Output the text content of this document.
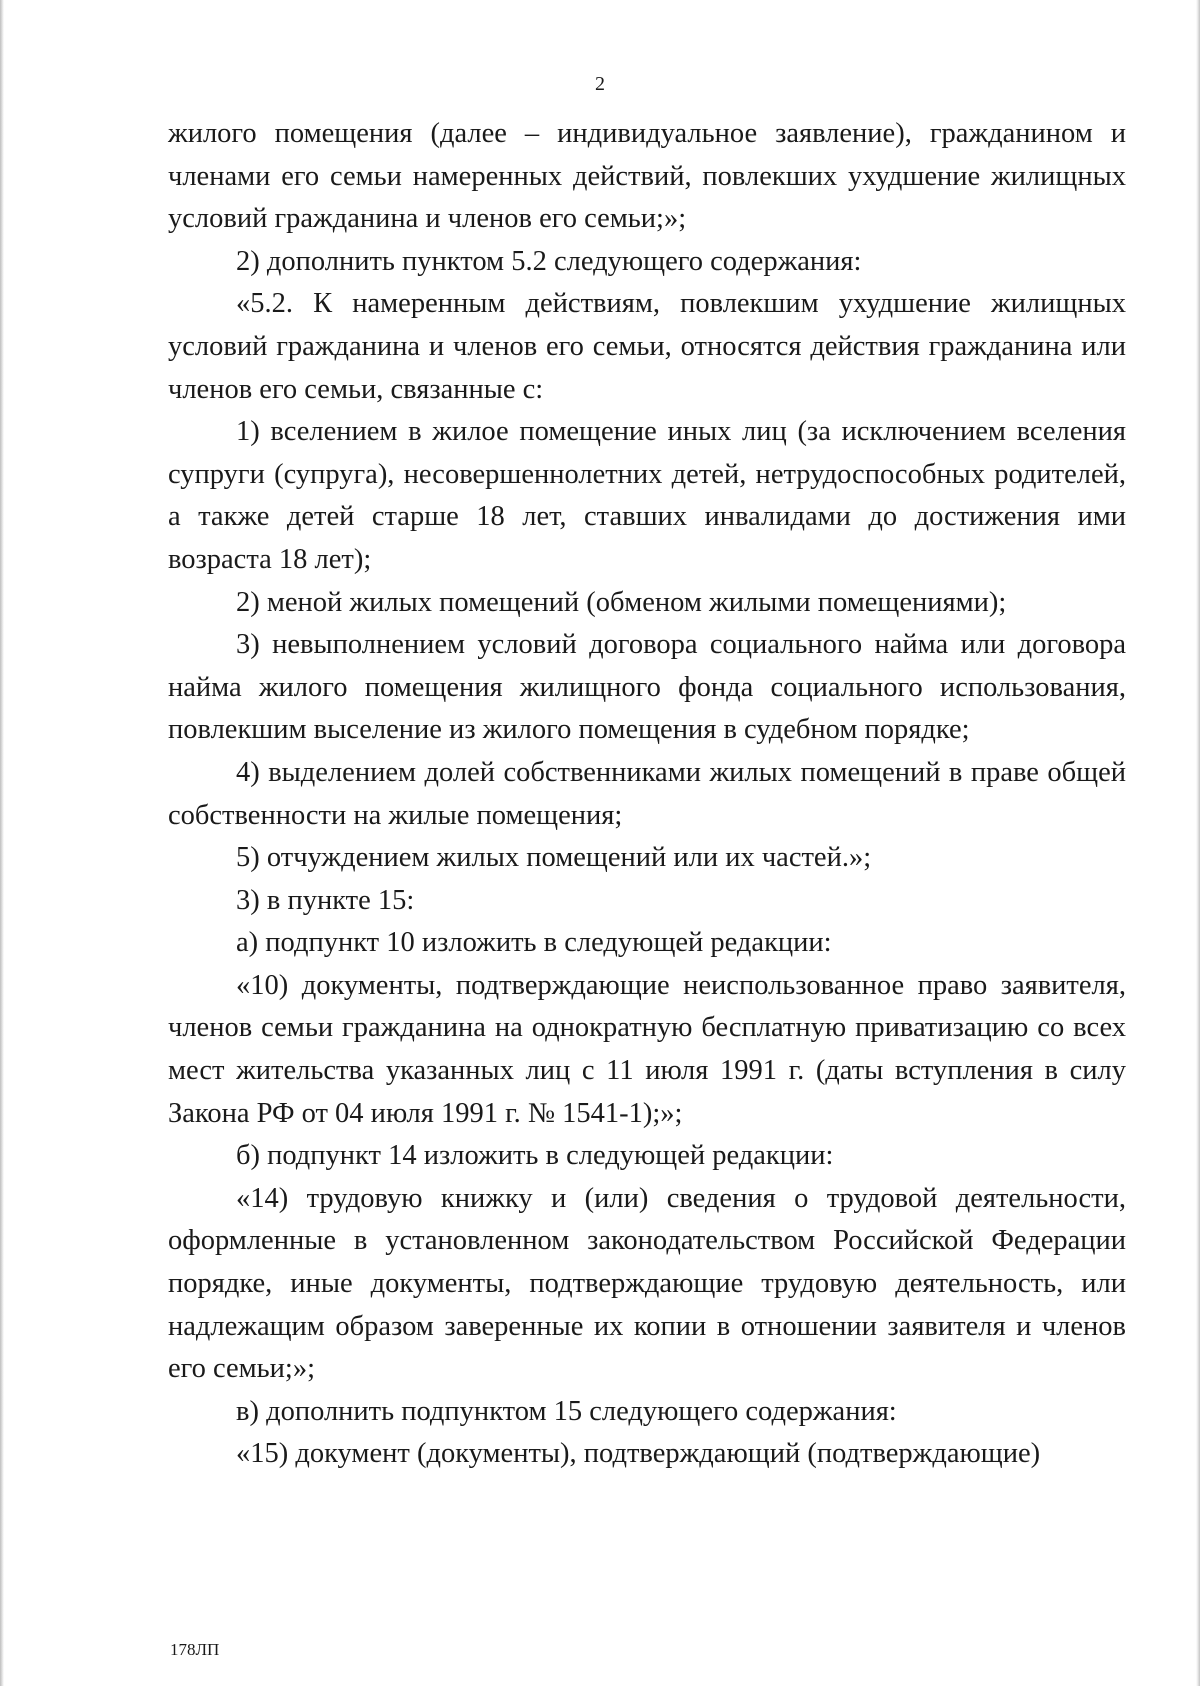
2

жилого помещения (далее – индивидуальное заявление), гражданином и членами его семьи намеренных действий, повлекших ухудшение жилищных условий гражданина и членов его семьи;»;

2) дополнить пунктом 5.2 следующего содержания:

«5.2. К намеренным действиям, повлекшим ухудшение жилищных условий гражданина и членов его семьи, относятся действия гражданина или членов его семьи, связанные с:

1) вселением в жилое помещение иных лиц (за исключением вселения супруги (супруга), несовершеннолетних детей, нетрудоспособных родителей, а также детей старше 18 лет, ставших инвалидами до достижения ими возраста 18 лет);

2) меной жилых помещений (обменом жилыми помещениями);

3) невыполнением условий договора социального найма или договора найма жилого помещения жилищного фонда социального использования, повлекшим выселение из жилого помещения в судебном порядке;

4) выделением долей собственниками жилых помещений в праве общей собственности на жилые помещения;

5) отчуждением жилых помещений или их частей.»;

3) в пункте 15:

а) подпункт 10 изложить в следующей редакции:

«10) документы, подтверждающие неиспользованное право заявителя, членов семьи гражданина на однократную бесплатную приватизацию со всех мест жительства указанных лиц с 11 июля 1991 г. (даты вступления в силу Закона РФ от 04 июля 1991 г. № 1541-1);»;

б) подпункт 14 изложить в следующей редакции:

«14) трудовую книжку и (или) сведения о трудовой деятельности, оформленные в установленном законодательством Российской Федерации порядке, иные документы, подтверждающие трудовую деятельность, или надлежащим образом заверенные их копии в отношении заявителя и членов его семьи;»;

в) дополнить подпунктом 15 следующего содержания:

«15) документ (документы), подтверждающий (подтверждающие)

178ЛП
